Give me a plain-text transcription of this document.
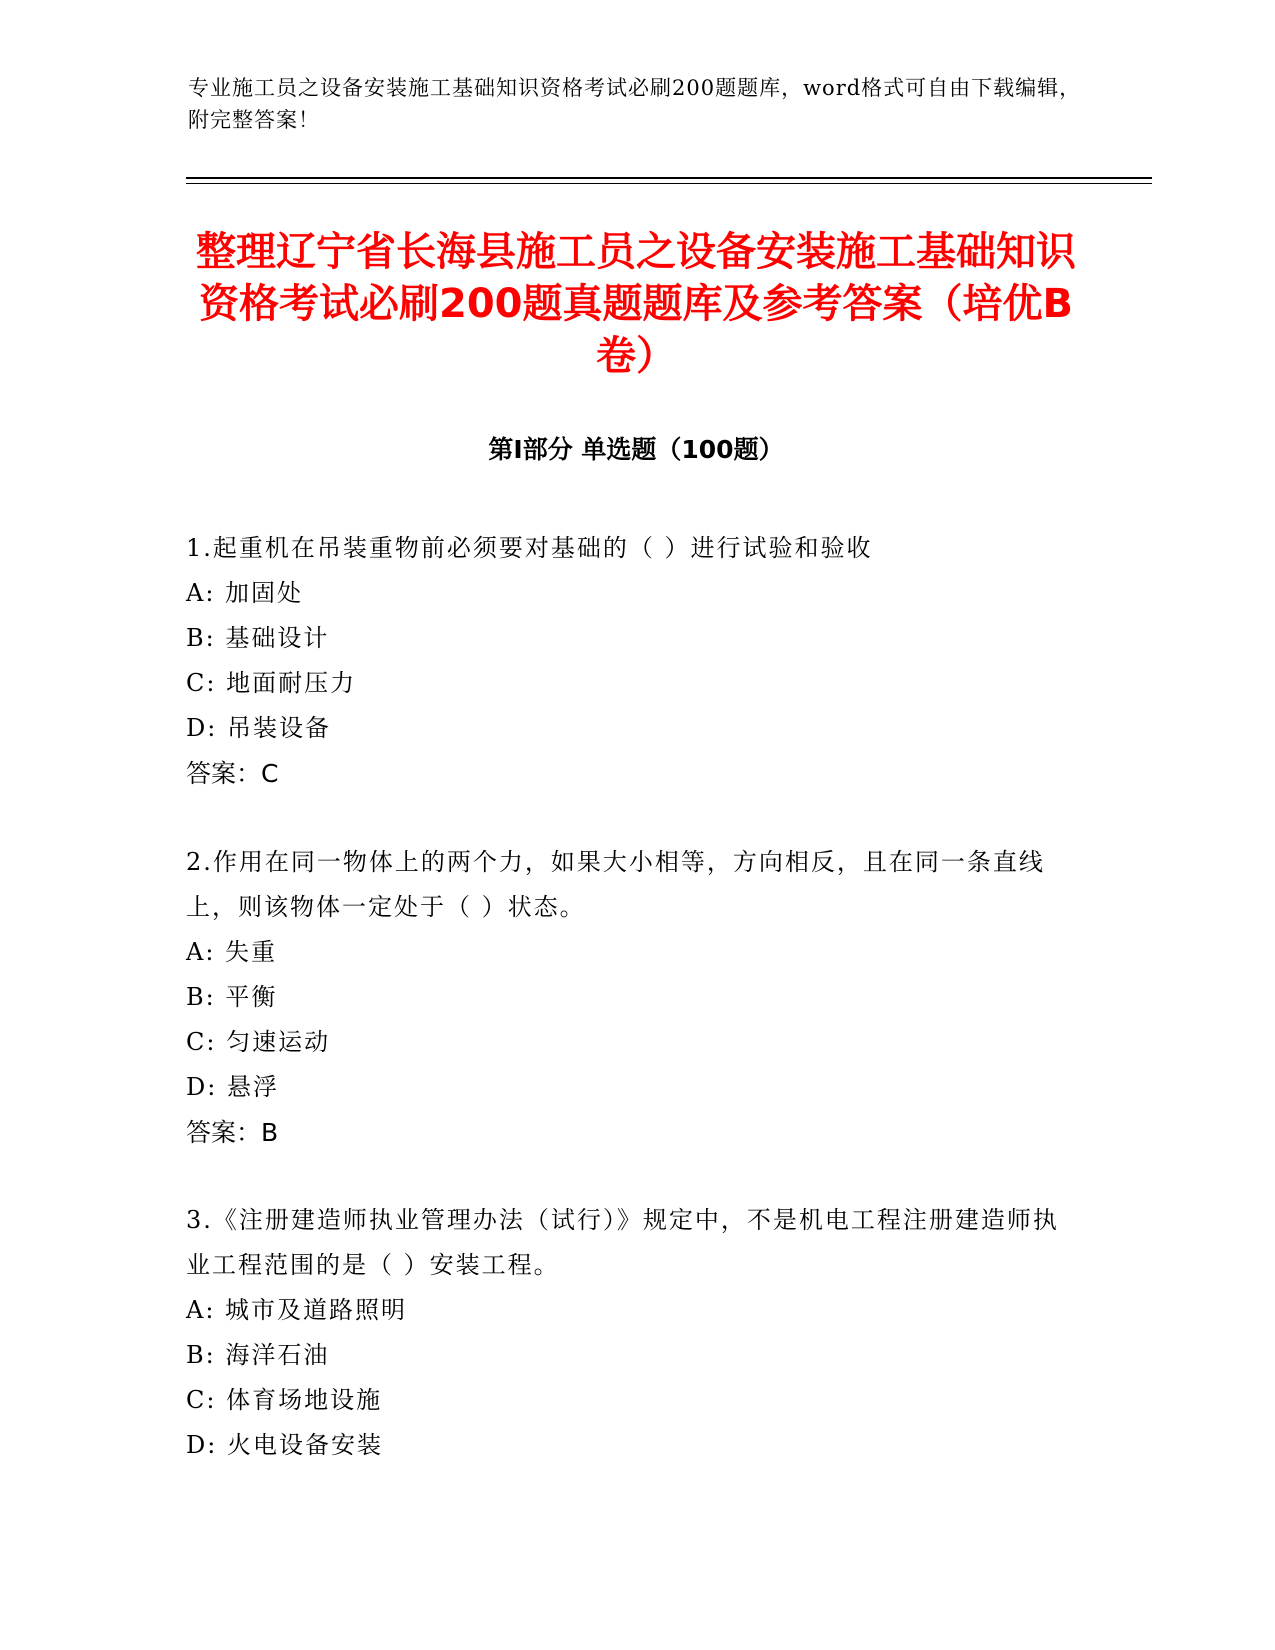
专业施工员之设备安装施工基础知识资格考试必刷200题题库，word格式可自由下载编辑，附完整答案！

整理辽宁省长海县施工员之设备安装施工基础知识资格考试必刷200题真题题库及参考答案（培优B卷）
第Ⅰ部分 单选题（100题）

1.起重机在吊装重物前必须要对基础的（ ）进行试验和验收

A: 加固处

B: 基础设计

C: 地面耐压力

D: 吊装设备

答案：C

2.作用在同一物体上的两个力，如果大小相等，方向相反，且在同一条直线上，则该物体一定处于（ ）状态。

A: 失重

B: 平衡

C: 匀速运动

D: 悬浮

答案：B

3.《注册建造师执业管理办法（试行）》规定中，不是机电工程注册建造师执业工程范围的是（ ）安装工程。

A: 城市及道路照明

B: 海洋石油

C: 体育场地设施

D: 火电设备安装
